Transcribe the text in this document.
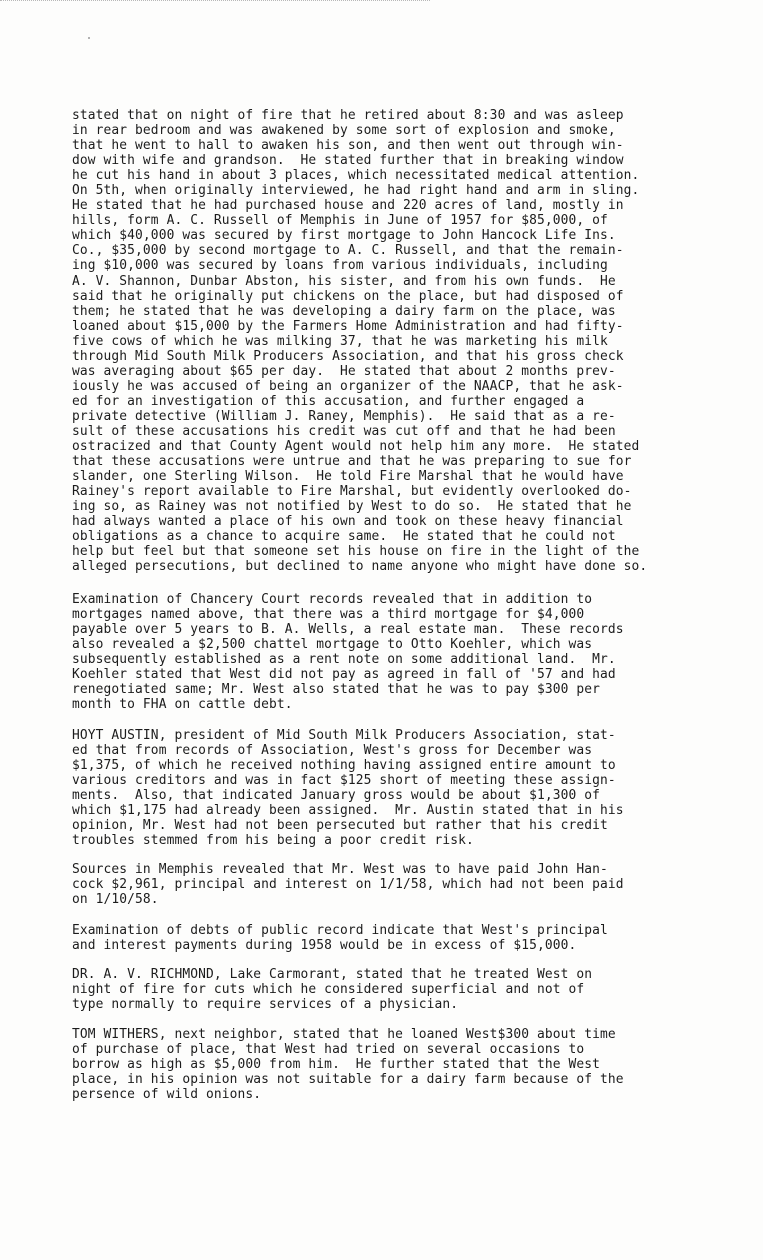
stated that on night of fire that he retired about 8:30 and was asleep
in rear bedroom and was awakened by some sort of explosion and smoke,
that he went to hall to awaken his son, and then went out through win-
dow with wife and grandson.  He stated further that in breaking window
he cut his hand in about 3 places, which necessitated medical attention.
On 5th, when originally interviewed, he had right hand and arm in sling.
He stated that he had purchased house and 220 acres of land, mostly in
hills, form A. C. Russell of Memphis in June of 1957 for $85,000, of
which $40,000 was secured by first mortgage to John Hancock Life Ins.
Co., $35,000 by second mortgage to A. C. Russell, and that the remain-
ing $10,000 was secured by loans from various individuals, including
A. V. Shannon, Dunbar Abston, his sister, and from his own funds.  He
said that he originally put chickens on the place, but had disposed of
them; he stated that he was developing a dairy farm on the place, was
loaned about $15,000 by the Farmers Home Administration and had fifty-
five cows of which he was milking 37, that he was marketing his milk
through Mid South Milk Producers Association, and that his gross check
was averaging about $65 per day.  He stated that about 2 months prev-
iously he was accused of being an organizer of the NAACP, that he ask-
ed for an investigation of this accusation, and further engaged a
private detective (William J. Raney, Memphis).  He said that as a re-
sult of these accusations his credit was cut off and that he had been
ostracized and that County Agent would not help him any more.  He stated
that these accusations were untrue and that he was preparing to sue for
slander, one Sterling Wilson.  He told Fire Marshal that he would have
Rainey's report available to Fire Marshal, but evidently overlooked do-
ing so, as Rainey was not notified by West to do so.  He stated that he
had always wanted a place of his own and took on these heavy financial
obligations as a chance to acquire same.  He stated that he could not
help but feel but that someone set his house on fire in the light of the
alleged persecutions, but declined to name anyone who might have done so.
Examination of Chancery Court records revealed that in addition to
mortgages named above, that there was a third mortgage for $4,000
payable over 5 years to B. A. Wells, a real estate man.  These records
also revealed a $2,500 chattel mortgage to Otto Koehler, which was
subsequently established as a rent note on some additional land.  Mr.
Koehler stated that West did not pay as agreed in fall of '57 and had
renegotiated same; Mr. West also stated that he was to pay $300 per
month to FHA on cattle debt.
HOYT AUSTIN, president of Mid South Milk Producers Association, stat-
ed that from records of Association, West's gross for December was
$1,375, of which he received nothing having assigned entire amount to
various creditors and was in fact $125 short of meeting these assign-
ments.  Also, that indicated January gross would be about $1,300 of
which $1,175 had already been assigned.  Mr. Austin stated that in his
opinion, Mr. West had not been persecuted but rather that his credit
troubles stemmed from his being a poor credit risk.
Sources in Memphis revealed that Mr. West was to have paid John Han-
cock $2,961, principal and interest on 1/1/58, which had not been paid
on 1/10/58.
Examination of debts of public record indicate that West's principal
and interest payments during 1958 would be in excess of $15,000.
DR. A. V. RICHMOND, Lake Carmorant, stated that he treated West on
night of fire for cuts which he considered superficial and not of
type normally to require services of a physician.
TOM WITHERS, next neighbor, stated that he loaned West$300 about time
of purchase of place, that West had tried on several occasions to
borrow as high as $5,000 from him.  He further stated that the West
place, in his opinion was not suitable for a dairy farm because of the
persence of wild onions.
